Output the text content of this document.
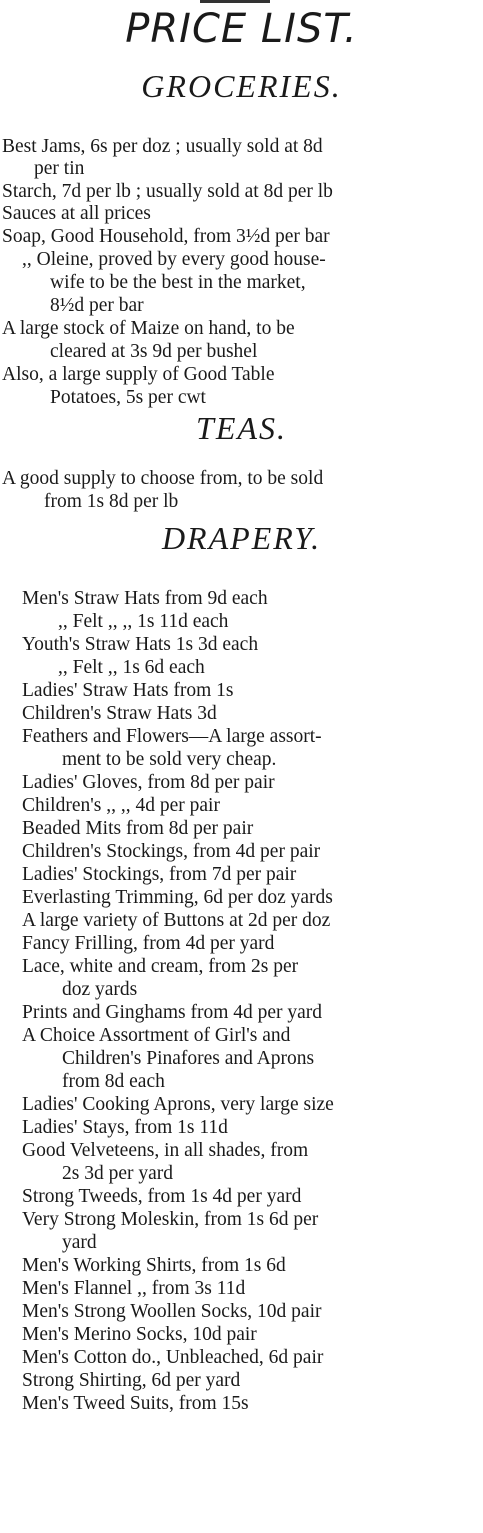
PRICE LIST.
GROCERIES.
Best Jams, 6s per doz ; usually sold at 8d
per tin
Starch, 7d per lb ; usually sold at 8d per lb
Sauces at all prices
Soap, Good Household, from 3½d per bar
,, Oleine, proved by every good house-
wife to be the best in the market,
8½d per bar
A large stock of Maize on hand, to be
cleared at 3s 9d per bushel
Also, a large supply of Good Table
Potatoes, 5s per cwt
TEAS.
A good supply to choose from, to be sold
from 1s 8d per lb
DRAPERY.
Men's Straw Hats from 9d each
,, Felt ,, ,, 1s 11d each
Youth's Straw Hats 1s 3d each
,, Felt ,, 1s 6d each
Ladies' Straw Hats from 1s
Children's Straw Hats 3d
Feathers and Flowers—A large assort-
ment to be sold very cheap.
Ladies' Gloves, from 8d per pair
Children's ,, ,, 4d per pair
Beaded Mits from 8d per pair
Children's Stockings, from 4d per pair
Ladies' Stockings, from 7d per pair
Everlasting Trimming, 6d per doz yards
A large variety of Buttons at 2d per doz
Fancy Frilling, from 4d per yard
Lace, white and cream, from 2s per
doz yards
Prints and Ginghams from 4d per yard
A Choice Assortment of Girl's and
Children's Pinafores and Aprons
from 8d each
Ladies' Cooking Aprons, very large size
Ladies' Stays, from 1s 11d
Good Velveteens, in all shades, from
2s 3d per yard
Strong Tweeds, from 1s 4d per yard
Very Strong Moleskin, from 1s 6d per
yard
Men's Working Shirts, from 1s 6d
Men's Flannel ,, from 3s 11d
Men's Strong Woollen Socks, 10d pair
Men's Merino Socks, 10d pair
Men's Cotton do., Unbleached, 6d pair
Strong Shirting, 6d per yard
Men's Tweed Suits, from 15s
